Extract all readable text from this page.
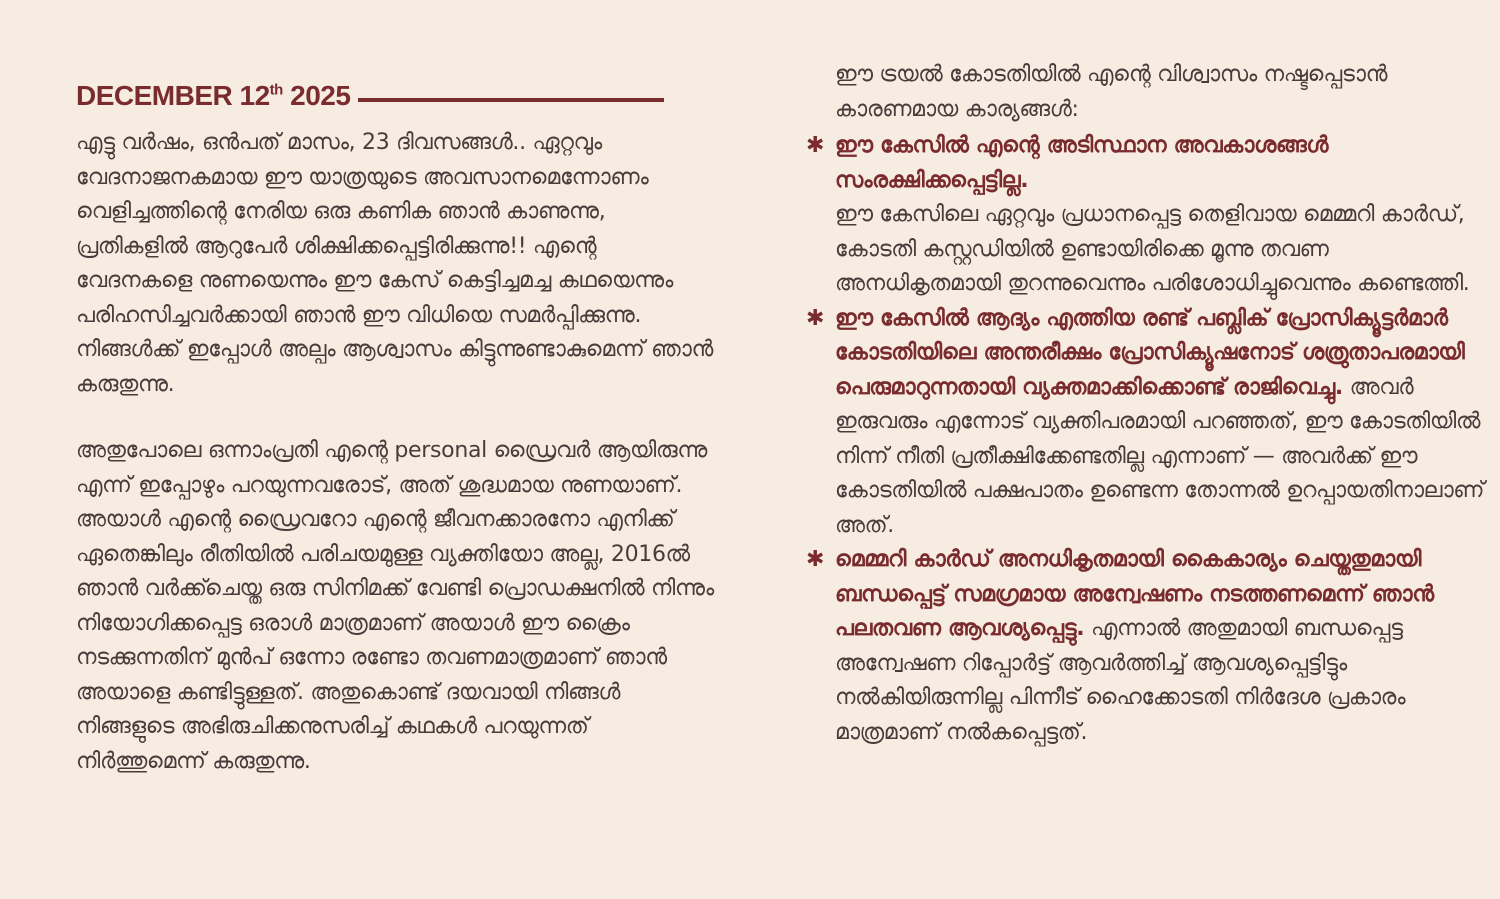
DECEMBER 12th 2025

എട്ടു വർഷം, ഒൻപത് മാസം, 23 ദിവസങ്ങൾ.. ഏറ്റവും വേദനാജനകമായ ഈ യാത്രയുടെ അവസാനമെന്നോണം വെളിച്ചത്തിന്റെ നേരിയ ഒരു കണിക ഞാൻ കാണുന്നു, പ്രതികളിൽ ആറുപേർ ശിക്ഷിക്കപ്പെട്ടിരിക്കുന്നു!! എന്റെ വേദനകളെ നുണയെന്നും ഈ കേസ് കെട്ടിച്ചമച്ച കഥയെന്നും പരിഹസിച്ചവർക്കായി ഞാൻ ഈ വിധിയെ സമർപ്പിക്കുന്നു. നിങ്ങൾക്ക് ഇപ്പോൾ അല്പം ആശ്വാസം കിട്ടുന്നുണ്ടാകുമെന്ന് ഞാൻ കരുതുന്നു.

അതുപോലെ ഒന്നാംപ്രതി എന്റെ personal ഡ്രൈവർ ആയിരുന്നു എന്ന് ഇപ്പോഴും പറയുന്നവരോട്, അത് ശുദ്ധമായ നുണയാണ്. അയാൾ എന്റെ ഡ്രൈവറോ എന്റെ ജീവനക്കാരനോ എനിക്ക് ഏതെങ്കിലും രീതിയിൽ പരിചയമുള്ള വ്യക്തിയോ അല്ല, 2016ൽ ഞാൻ വർക്ക്ചെയ്ത ഒരു സിനിമക്ക് വേണ്ടി പ്രൊഡക്ഷനിൽ നിന്നും നിയോഗിക്കപ്പെട്ട ഒരാൾ മാത്രമാണ് അയാൾ ഈ ക്രൈം നടക്കുന്നതിന് മുൻപ് ഒന്നോ രണ്ടോ തവണമാത്രമാണ് ഞാൻ അയാളെ കണ്ടിട്ടുള്ളത്. അതുകൊണ്ട് ദയവായി നിങ്ങൾ നിങ്ങളുടെ അഭിരുചിക്കനുസരിച്ച് കഥകൾ പറയുന്നത് നിർത്തുമെന്ന് കരുതുന്നു.

ഈ ട്രയൽ കോടതിയിൽ എന്റെ വിശ്വാസം നഷ്ടപ്പെടാൻ കാരണമായ കാര്യങ്ങൾ:

✱ ഈ കേസിൽ എന്റെ അടിസ്ഥാന അവകാശങ്ങൾ സംരക്ഷിക്കപ്പെട്ടില്ല.
ഈ കേസിലെ ഏറ്റവും പ്രധാനപ്പെട്ട തെളിവായ മെമ്മറി കാർഡ്, കോടതി കസ്റ്റഡിയിൽ ഉണ്ടായിരിക്കെ മൂന്നു തവണ അനധികൃതമായി തുറന്നുവെന്നും പരിശോധിച്ചുവെന്നും കണ്ടെത്തി.
✱ ഈ കേസിൽ ആദ്യം എത്തിയ രണ്ട് പബ്ലിക് പ്രോസിക്യൂട്ടർമാർ കോടതിയിലെ അന്തരീക്ഷം പ്രോസിക്യൂഷനോട് ശത്രുതാപരമായി പെരുമാറുന്നതായി വ്യക്തമാക്കിക്കൊണ്ട് രാജിവെച്ചു. അവർ ഇരുവരും എന്നോട് വ്യക്തിപരമായി പറഞ്ഞത്, ഈ കോടതിയിൽ നിന്ന് നീതി പ്രതീക്ഷിക്കേണ്ടതില്ല എന്നാണ് — അവർക്ക് ഈ കോടതിയിൽ പക്ഷപാതം ഉണ്ടെന്ന തോന്നൽ ഉറപ്പായതിനാലാണ് അത്.

✱ മെമ്മറി കാർഡ് അനധികൃതമായി കൈകാര്യം ചെയ്തതുമായി ബന്ധപ്പെട്ട് സമഗ്രമായ അന്വേഷണം നടത്തണമെന്ന് ഞാൻ പലതവണ ആവശ്യപ്പെട്ടു. എന്നാൽ അതുമായി ബന്ധപ്പെട്ട അന്വേഷണ റിപ്പോർട്ട് ആവർത്തിച്ച് ആവശ്യപ്പെട്ടിട്ടും നൽകിയിരുന്നില്ല പിന്നീട് ഹൈക്കോടതി നിർദേശ പ്രകാരം മാത്രമാണ് നൽകപ്പെട്ടത്.
